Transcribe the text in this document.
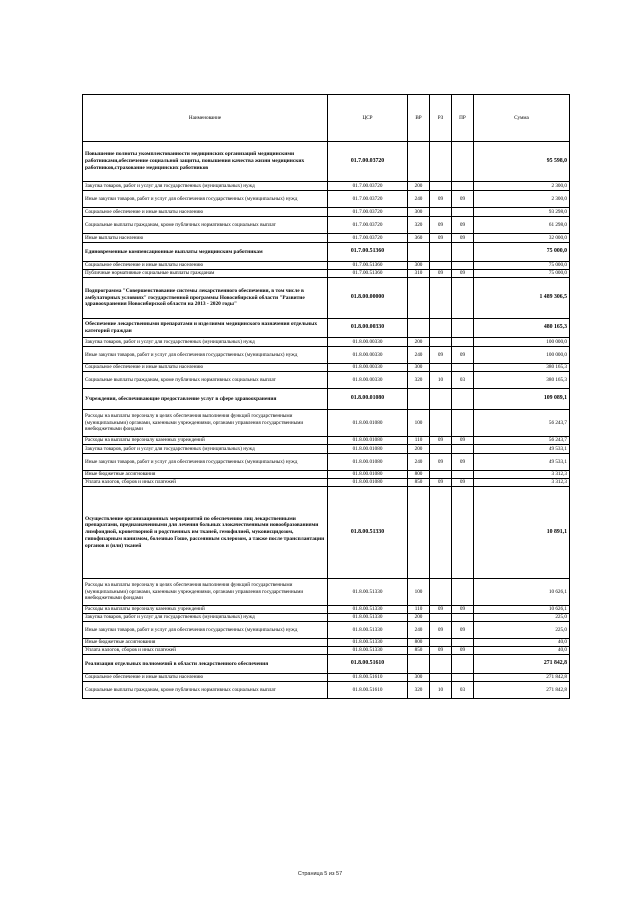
Наименование	ЦСР	ВР	РЗ	ПР	Сумма
Повышение полноты укомплектованности медицинских организаций медицинскими работниками,обеспечение социальной защиты, повышения качества жизни медицинских работников,страхование медицинских работников	01.7.00.03720				95 598,0
Закупка товаров, работ и услуг для государственных (муниципальных) нужд	01.7.00.03720	200			2 300,0
Иные закупки товаров, работ и услуг для обеспечения государственных (муниципальных) нужд	01.7.00.03720	240	09	09	2 300,0
Социальное обеспечение и иные выплаты населению	01.7.00.03720	300			93 298,0
Социальные выплаты гражданам, кроме публичных нормативных социальных выплат	01.7.00.03720	320	09	09	61 298,0
Иные выплаты населению	01.7.00.03720	360	09	09	32 000,0
Единовременные компенсационные выплаты медицинским работникам	01.7.00.51360				75 000,0
Социальное обеспечение и иные выплаты населению	01.7.00.51360	300			75 000,0
Публичные нормативные социальные выплаты гражданам	01.7.00.51360	310	09	09	75 000,0
Подпрограмма "Совершенствование системы лекарственного обеспечения, в том числе в амбулаторных условиях" государственной программы Новосибирской области "Развитие здравоохранения Новосибирской области на 2013 - 2020 годы"	01.8.00.00000				1 489 306,5
Обеспечение лекарственными препаратами и изделиями медицинского назначения отдельных категорий граждан	01.8.00.00330				480 165,3
Закупка товаров, работ и услуг для государственных (муниципальных) нужд	01.8.00.00330	200			100 000,0
Иные закупки товаров, работ и услуг для обеспечения государственных (муниципальных) нужд	01.8.00.00330	240	09	09	100 000,0
Социальное обеспечение и иные выплаты населению	01.8.00.00330	300			380 165,3
Социальные выплаты гражданам, кроме публичных нормативных социальных выплат	01.8.00.00330	320	10	03	380 165,3
Учреждения, обеспечивающие предоставление услуг в сфере здравоохранения	01.8.00.01080				109 089,1
Расходы на выплаты персоналу в целях обеспечения выполнения функций государственными (муниципальными) органами, казенными учреждениями, органами управления государственными внебюджетными фондами	01.8.00.01080	100			56 243,7
Расходы на выплаты персоналу казенных учреждений	01.8.00.01080	110	09	09	56 243,7
Закупка товаров, работ и услуг для государственных (муниципальных) нужд	01.8.00.01080	200			49 533,1
Иные закупки товаров, работ и услуг для обеспечения государственных (муниципальных) нужд	01.8.00.01080	240	09	09	49 533,1
Иные бюджетные ассигнования	01.8.00.01080	800			3 312,3
Уплата налогов, сборов и иных платежей	01.8.00.01080	850	09	09	3 312,3
Осуществление организационных мероприятий по обеспечению лиц лекарственными препаратами, предназначенными для лечения больных злокачественными новообразованиями лимфоидной, кроветворной и родственных им тканей, гемофилией, муковисцидозом, гипофизарным нанизмом, болезнью Гоше, рассеянным склерозом, а также после трансплантации органов и (или) тканей	01.8.00.51330				10 891,1
Расходы на выплаты персоналу в целях обеспечения выполнения функций государственными (муниципальными) органами, казенными учреждениями, органами управления государственными внебюджетными фондами	01.8.00.51330	100			10 626,1
Расходы на выплаты персоналу казенных учреждений	01.8.00.51330	110	09	09	10 626,1
Закупка товаров, работ и услуг для государственных (муниципальных) нужд	01.8.00.51330	200			225,0
Иные закупки товаров, работ и услуг для обеспечения государственных (муниципальных) нужд	01.8.00.51330	240	09	09	225,0
Иные бюджетные ассигнования	01.8.00.51330	800			40,0
Уплата налогов, сборов и иных платежей	01.8.00.51330	850	09	09	40,0
Реализация отдельных полномочий в области лекарственного обеспечения	01.8.00.51610				271 842,8
Социальное обеспечение и иные выплаты населению	01.8.00.51610	300			271 842,8
Социальные выплаты гражданам, кроме публичных нормативных социальных выплат	01.8.00.51610	320	10	03	271 842,8
Страница 5 из 57
